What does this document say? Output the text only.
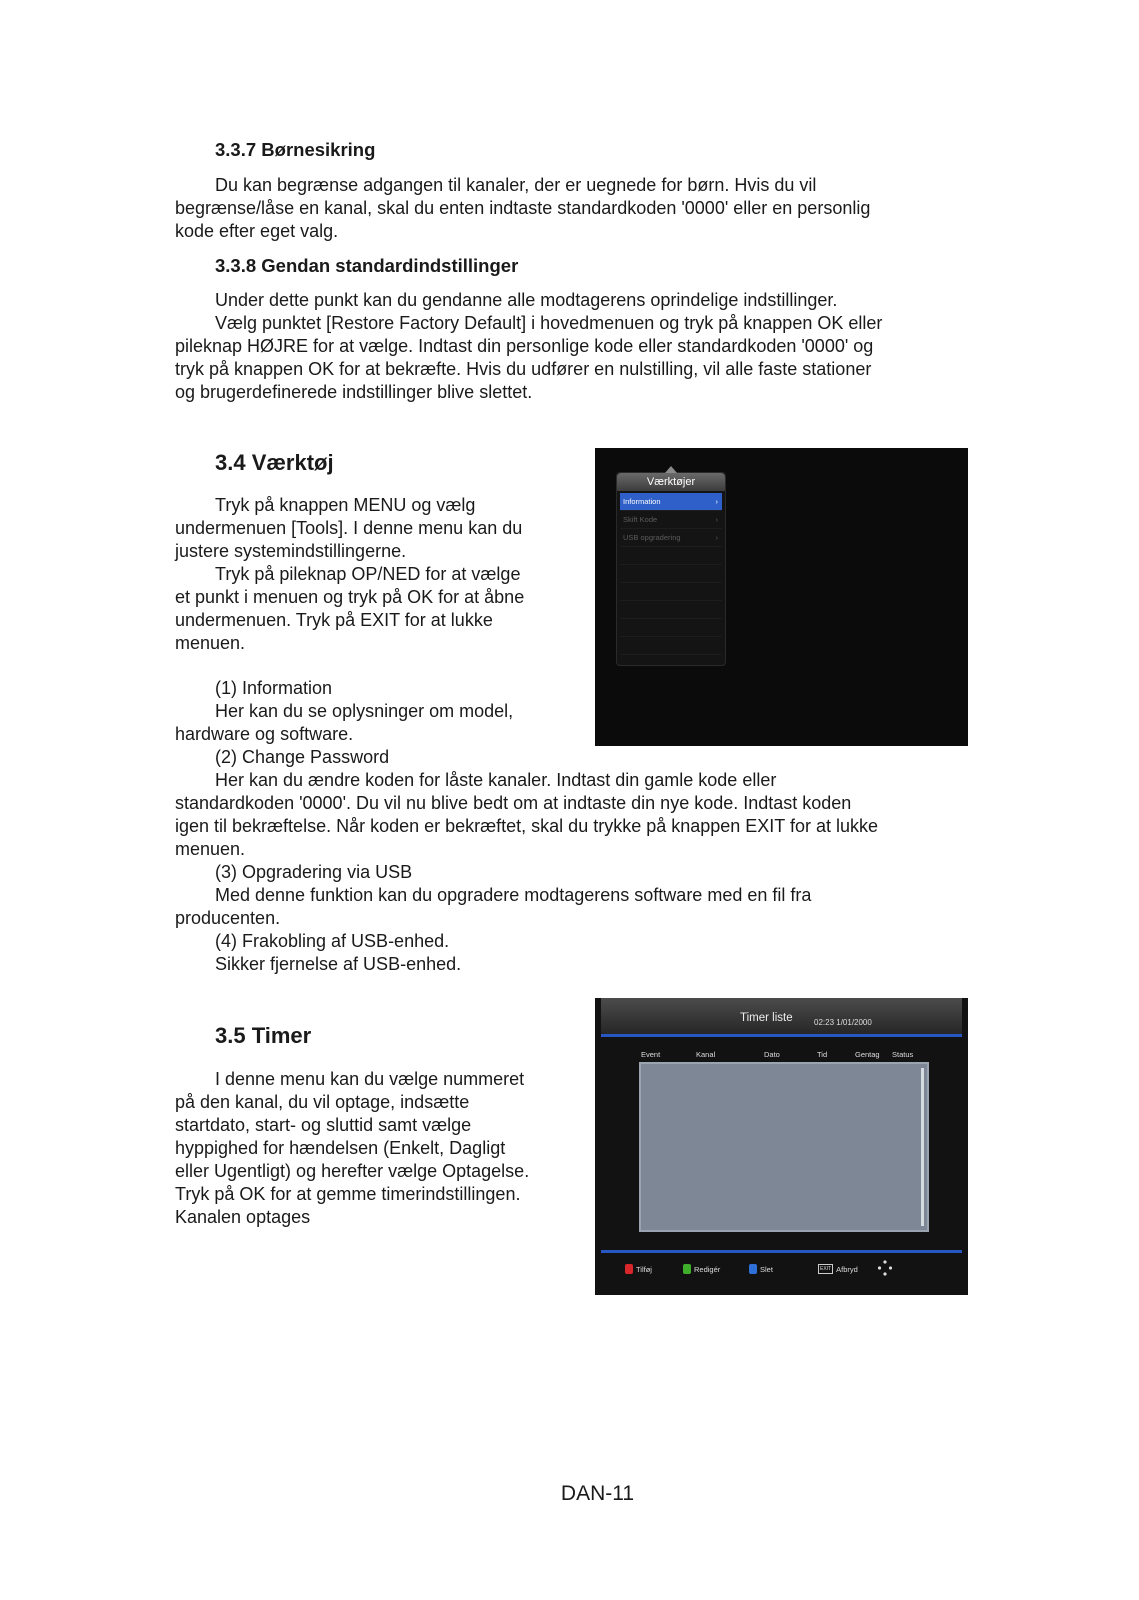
3.3.7 Børnesikring

Du kan begrænse adgangen til kanaler, der er uegnede for børn. Hvis du vil

begrænse/låse en kanal, skal du enten indtaste standardkoden '0000' eller en personlig

kode efter eget valg.

3.3.8 Gendan standardindstillinger

Under dette punkt kan du gendanne alle modtagerens oprindelige indstillinger.

Vælg punktet [Restore Factory Default] i hovedmenuen og tryk på knappen OK eller

pileknap HØJRE for at vælge. Indtast din personlige kode eller standardkoden '0000' og

tryk på knappen OK for at bekræfte. Hvis du udfører en nulstilling, vil alle faste stationer

og brugerdefinerede indstillinger blive slettet.

3.4 Værktøj

Tryk på knappen MENU og vælg

undermenuen [Tools]. I denne menu kan du

justere systemindstillingerne.

Tryk på pileknap OP/NED for at vælge

et punkt i menuen og tryk på OK for at åbne

undermenuen. Tryk på EXIT for at lukke

menuen.

(1) Information

Her kan du se oplysninger om model,

hardware og software.

(2) Change Password

Her kan du ændre koden for låste kanaler. Indtast din gamle kode eller

standardkoden '0000'. Du vil nu blive bedt om at indtaste din nye kode. Indtast koden

igen til bekræftelse. Når koden er bekræftet, skal du trykke på knappen EXIT for at lukke

menuen.

(3) Opgradering via USB

Med denne funktion kan du opgradere modtagerens software med en fil fra

producenten.

(4) Frakobling af USB-enhed.

Sikker fjernelse af USB-enhed.

Værktøjer
Information	›
Skift Kode	›
USB opgradering	›
3.5 Timer

I denne menu kan du vælge nummeret

på den kanal, du vil optage, indsætte

startdato, start- og sluttid samt vælge

hyppighed for hændelsen (Enkelt, Dagligt

eller Ugentligt) og herefter vælge Optagelse.

Tryk på OK for at gemme timerindstillingen.

Kanalen optages

Timer liste	02:23 1/01/2000
Event	Kanal	Dato	Tid	Gentag Status
Tilføj	Redigér	Slet	EXIT Afbryd
DAN-11
